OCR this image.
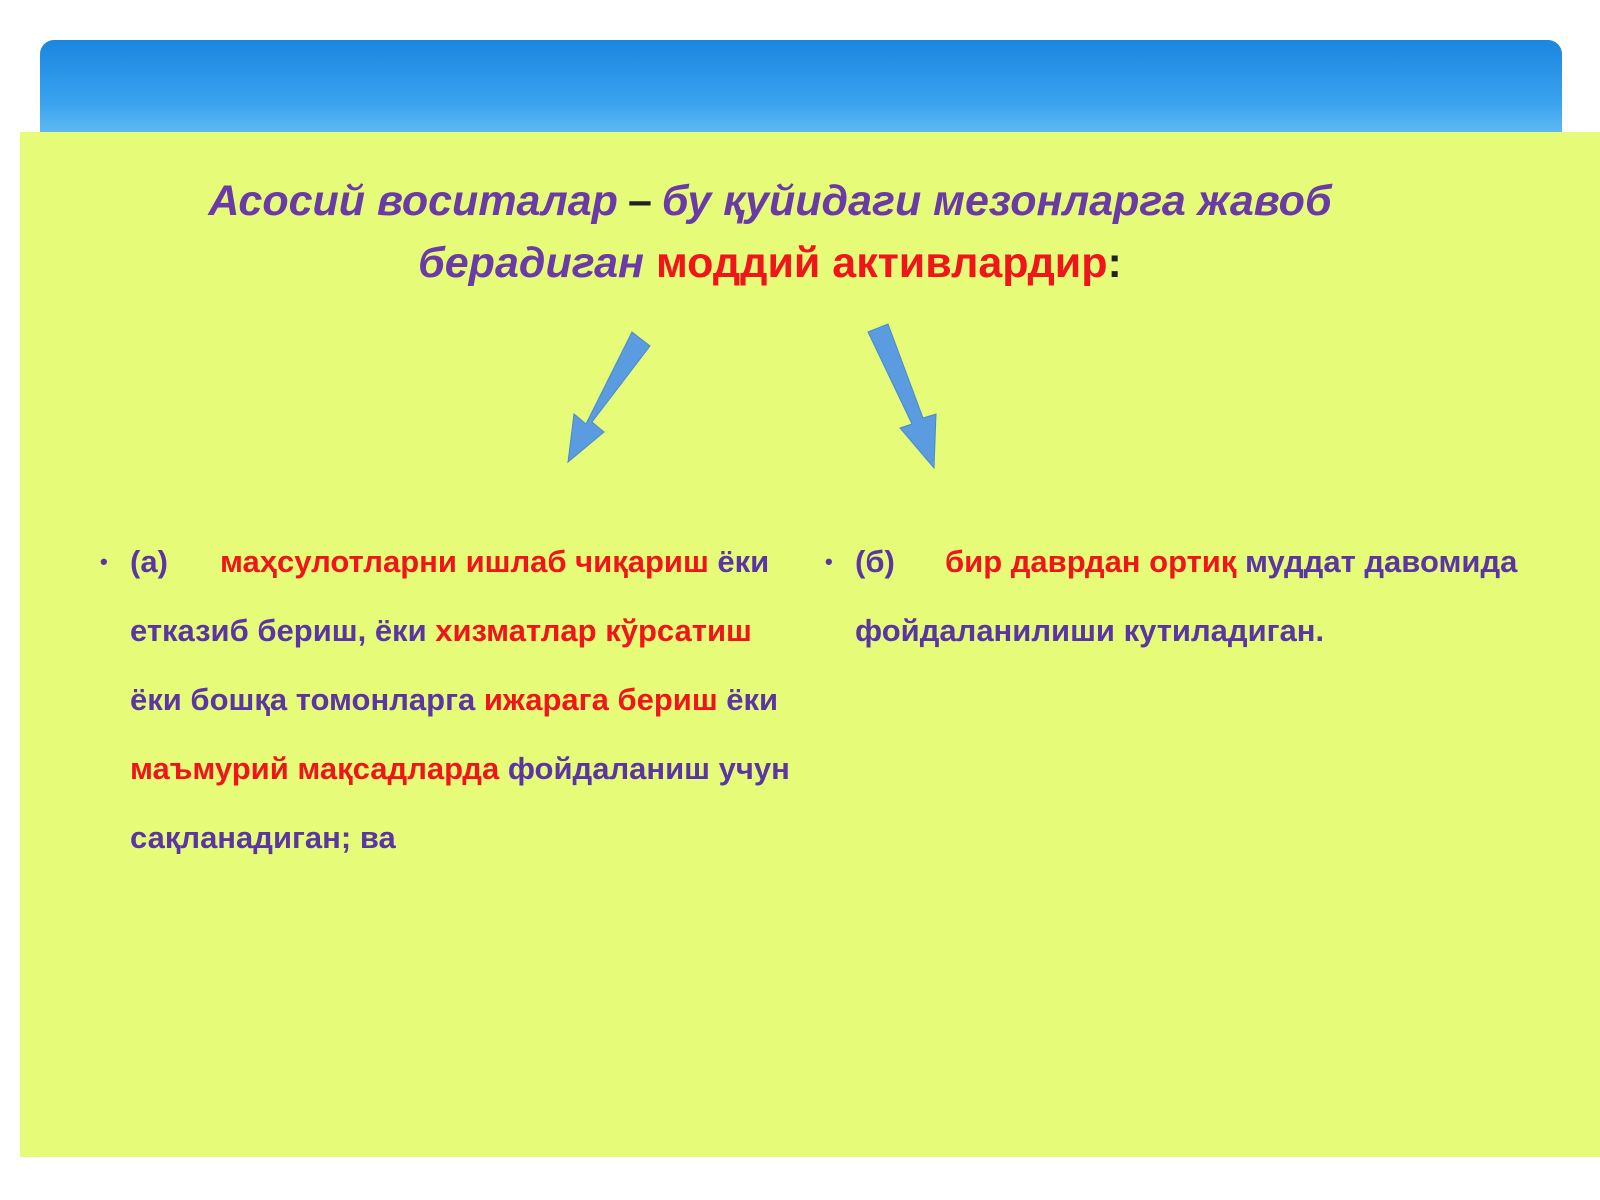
Асосий воситалар – бу қуйидаги мезонларга жавоб
берадиган моддий активлардир:
• (а) маҳсулотларни ишлаб чиқариш ёки етказиб бериш, ёки хизматлар кўрсатиш ёки бошқа томонларга ижарага бериш ёки маъмурий мақсадларда фойдаланиш учун сақланадиган; ва
• (б) бир даврдан ортиқ муддат давомида фойдаланилиши кутиладиган.
